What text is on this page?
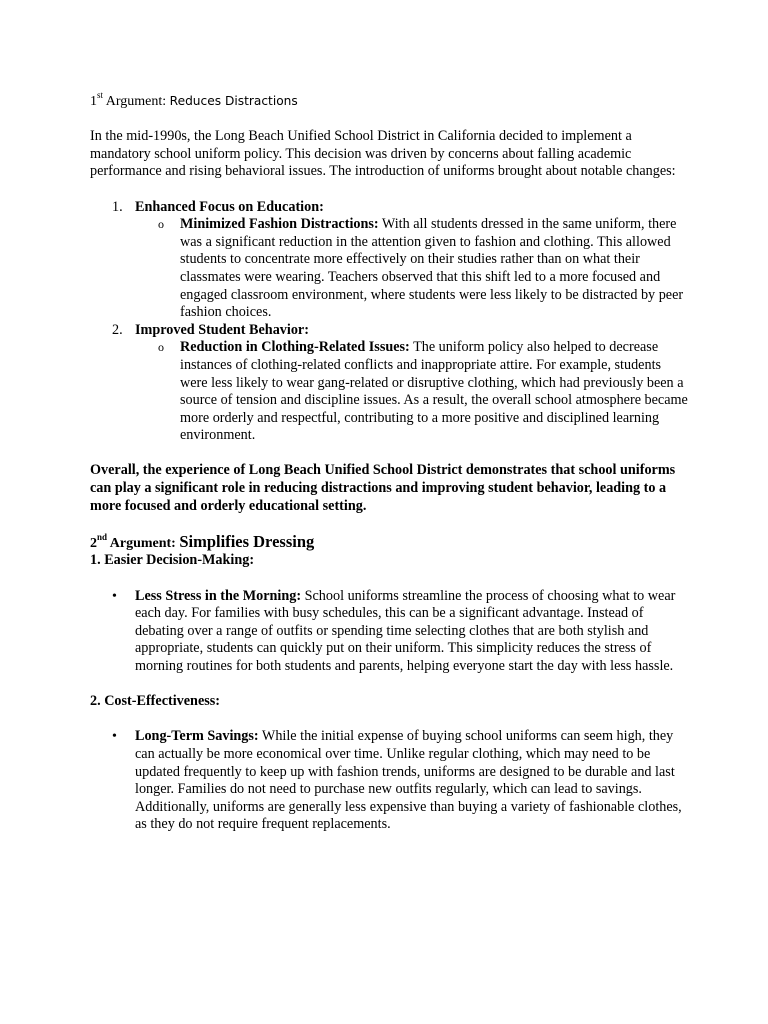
1st Argument: Reduces Distractions

In the mid-1990s, the Long Beach Unified School District in California decided to implement a mandatory school uniform policy. This decision was driven by concerns about falling academic performance and rising behavioral issues. The introduction of uniforms brought about notable changes:

1. Enhanced Focus on Education:
o Minimized Fashion Distractions: With all students dressed in the same uniform, there was a significant reduction in the attention given to fashion and clothing. This allowed students to concentrate more effectively on their studies rather than on what their classmates were wearing. Teachers observed that this shift led to a more focused and engaged classroom environment, where students were less likely to be distracted by peer fashion choices.
2. Improved Student Behavior:
o Reduction in Clothing-Related Issues: The uniform policy also helped to decrease instances of clothing-related conflicts and inappropriate attire. For example, students were less likely to wear gang-related or disruptive clothing, which had previously been a source of tension and discipline issues. As a result, the overall school atmosphere became more orderly and respectful, contributing to a more positive and disciplined learning environment.

Overall, the experience of Long Beach Unified School District demonstrates that school uniforms can play a significant role in reducing distractions and improving student behavior, leading to a more focused and orderly educational setting.

2nd Argument: Simplifies Dressing

1. Easier Decision-Making:

• Less Stress in the Morning: School uniforms streamline the process of choosing what to wear each day. For families with busy schedules, this can be a significant advantage. Instead of debating over a range of outfits or spending time selecting clothes that are both stylish and appropriate, students can quickly put on their uniform. This simplicity reduces the stress of morning routines for both students and parents, helping everyone start the day with less hassle.

2. Cost-Effectiveness:

• Long-Term Savings: While the initial expense of buying school uniforms can seem high, they can actually be more economical over time. Unlike regular clothing, which may need to be updated frequently to keep up with fashion trends, uniforms are designed to be durable and last longer. Families do not need to purchase new outfits regularly, which can lead to savings. Additionally, uniforms are generally less expensive than buying a variety of fashionable clothes, as they do not require frequent replacements.
